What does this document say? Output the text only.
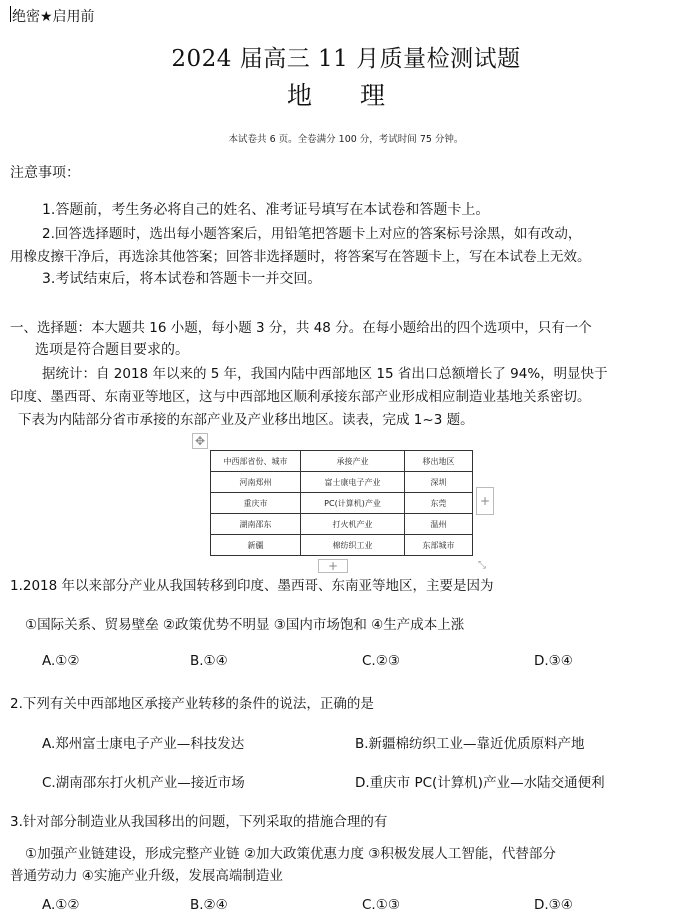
绝密★启用前
2024 届高三 11 月质量检测试题
地 理
本试卷共 6 页。全卷满分 100 分，考试时间 75 分钟。
注意事项：
1.答题前，考生务必将自己的姓名、准考证号填写在本试卷和答题卡上。
2.回答选择题时，选出每小题答案后，用铅笔把答题卡上对应的答案标号涂黑，如有改动，
用橡皮擦干净后，再选涂其他答案；回答非选择题时，将答案写在答题卡上，写在本试卷上无效。
3.考试结束后，将本试卷和答题卡一并交回。
一、选择题：本大题共 16 小题，每小题 3 分，共 48 分。在每小题给出的四个选项中，只有一个
选项是符合题目要求的。
据统计：自 2018 年以来的 5 年，我国内陆中西部地区 15 省出口总额增长了 94%，明显快于
印度、墨西哥、东南亚等地区，这与中西部地区顺利承接东部产业形成相应制造业基地关系密切。
下表为内陆部分省市承接的东部产业及产业移出地区。读表，完成 1~3 题。
✥
中西部省份、城市	承接产业	移出地区
河南郑州	富士康电子产业	深圳
重庆市	PC(计算机)产业	东莞
湖南邵东	打火机产业	温州
新疆	棉纺织工业	东部城市
+
+	⤡
1.2018 年以来部分产业从我国转移到印度、墨西哥、东南亚等地区，主要是因为
①国际关系、贸易壁垒 ②政策优势不明显 ③国内市场饱和 ④生产成本上涨
A.①②	B.①④	C.②③	D.③④
2.下列有关中西部地区承接产业转移的条件的说法，正确的是
A.郑州富士康电子产业—科技发达	B.新疆棉纺织工业—靠近优质原料产地
C.湖南邵东打火机产业—接近市场	D.重庆市 PC(计算机)产业—水陆交通便利
3.针对部分制造业从我国移出的问题，下列采取的措施合理的有
①加强产业链建设，形成完整产业链 ②加大政策优惠力度 ③积极发展人工智能，代替部分
普通劳动力 ④实施产业升级，发展高端制造业
A.①②	B.②④	C.①③	D.③④
